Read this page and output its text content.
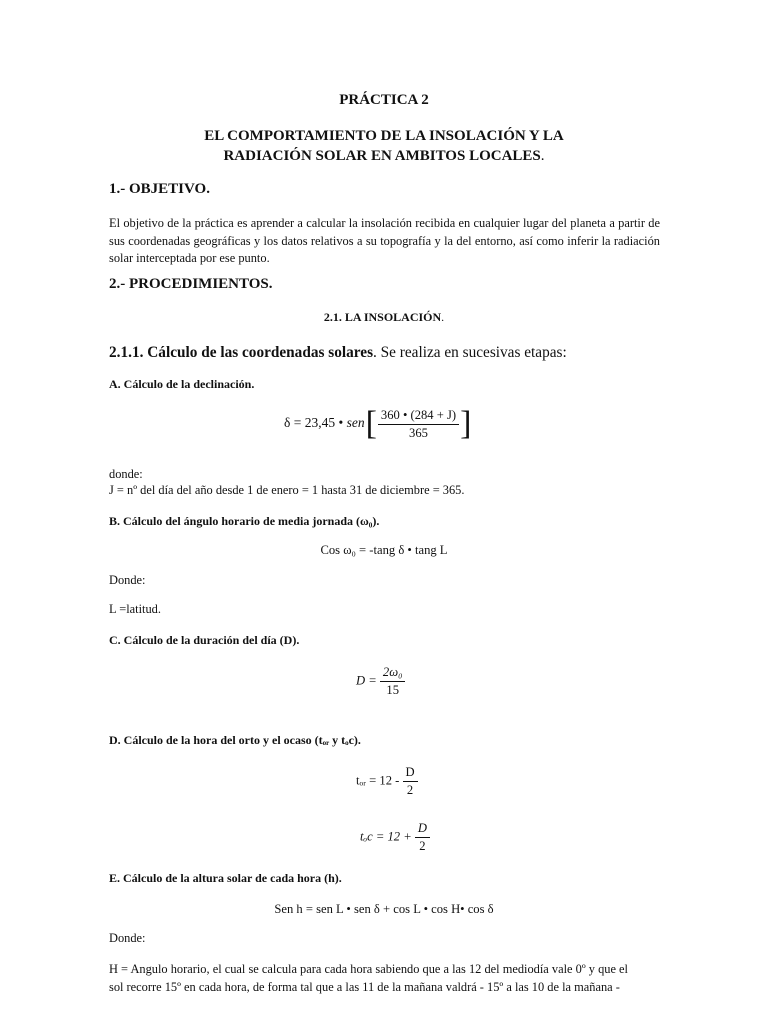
PRÁCTICA 2
EL COMPORTAMIENTO DE LA INSOLACIÓN Y LA
RADIACIÓN SOLAR EN AMBITOS LOCALES.
1.- OBJETIVO.
El objetivo de la práctica es aprender a calcular la insolación recibida en cualquier lugar del planeta a partir de sus coordenadas geográficas y los datos relativos a su topografía y la del entorno, así como inferir la radiación solar interceptada por ese punto.
2.- PROCEDIMIENTOS.
2.1. LA INSOLACIÓN.
2.1.1. Cálculo de las coordenadas solares. Se realiza en sucesivas etapas:
A. Cálculo de la declinación.
δ = 23,45 • $sen[ \frac{360 • (284 + J)}{365}$ ]
donde:
J = nº del día del año desde 1 de enero = 1 hasta 31 de diciembre = 365.
B. Cálculo del ángulo horario de media jornada (ω₀).
Cos ω₀ = -tang δ • tang L
Donde:
L =latitud.
C. Cálculo de la duración del día (D).
$D = \frac{\text{2ω₀}}{15}$
D. Cálculo de la hora del orto y el ocaso (tₒᵣ y tₒc).
tₒᵣ = $12 - \frac{D}{2}$
$t_oc = 12 + \frac{D}{2}$
E. Cálculo de la altura solar de cada hora (h).
Sen h = sen L • sen δ + cos L • cos H• cos δ
Donde:
H = Angulo horario, el cual se calcula para cada hora sabiendo que a las 12 del mediodía vale 0º y que el
sol recorre 15º en cada hora, de forma tal que a las 11 de la mañana valdrá - 15º a las 10 de la mañana -
